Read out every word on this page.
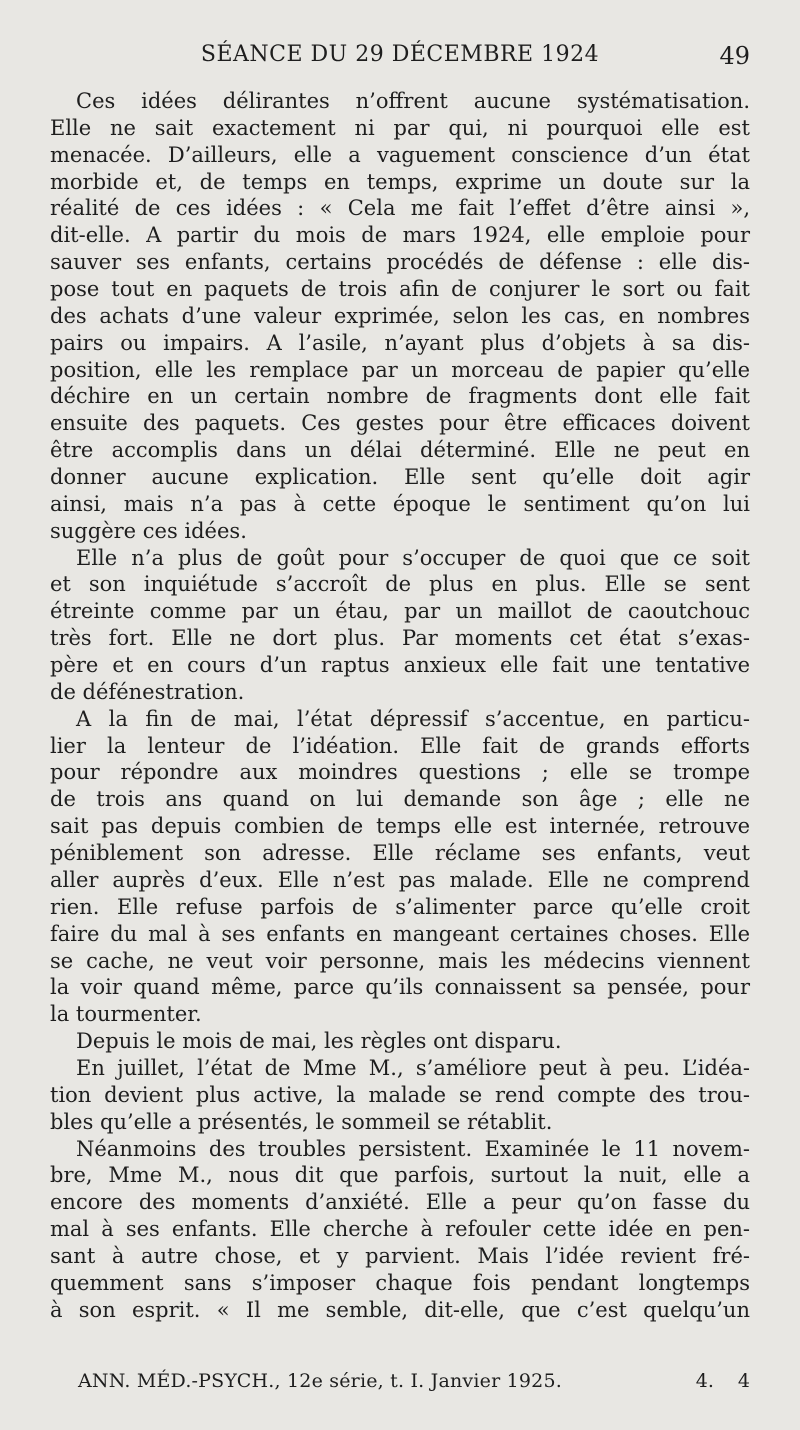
SÉANCE DU 29 DÉCEMBRE 1924	49
Ces idées délirantes n’offrent aucune systématisation.
Elle ne sait exactement ni par qui, ni pourquoi elle est
menacée. D’ailleurs, elle a vaguement conscience d’un état
morbide et, de temps en temps, exprime un doute sur la
réalité de ces idées : « Cela me fait l’effet d’être ainsi »,
dit-elle. A partir du mois de mars 1924, elle emploie pour
sauver ses enfants, certains procédés de défense : elle dis-
pose tout en paquets de trois afin de conjurer le sort ou fait
des achats d’une valeur exprimée, selon les cas, en nombres
pairs ou impairs. A l’asile, n’ayant plus d’objets à sa dis-
position, elle les remplace par un morceau de papier qu’elle
déchire en un certain nombre de fragments dont elle fait
ensuite des paquets. Ces gestes pour être efficaces doivent
être accomplis dans un délai déterminé. Elle ne peut en
donner aucune explication. Elle sent qu’elle doit agir
ainsi, mais n’a pas à cette époque le sentiment qu’on lui
suggère ces idées.
Elle n’a plus de goût pour s’occuper de quoi que ce soit
et son inquiétude s’accroît de plus en plus. Elle se sent
étreinte comme par un étau, par un maillot de caoutchouc
très fort. Elle ne dort plus. Par moments cet état s’exas-
père et en cours d’un raptus anxieux elle fait une tentative
de défénestration.
A la fin de mai, l’état dépressif s’accentue, en particu-
lier la lenteur de l’idéation. Elle fait de grands efforts
pour répondre aux moindres questions ; elle se trompe
de trois ans quand on lui demande son âge ; elle ne
sait pas depuis combien de temps elle est internée, retrouve
péniblement son adresse. Elle réclame ses enfants, veut
aller auprès d’eux. Elle n’est pas malade. Elle ne comprend
rien. Elle refuse parfois de s’alimenter parce qu’elle croit
faire du mal à ses enfants en mangeant certaines choses. Elle
se cache, ne veut voir personne, mais les médecins viennent
la voir quand même, parce qu’ils connaissent sa pensée, pour
la tourmenter.
Depuis le mois de mai, les règles ont disparu.
En juillet, l’état de Mme M., s’améliore peut à peu. L’idéa-
tion devient plus active, la malade se rend compte des trou-
bles qu’elle a présentés, le sommeil se rétablit.
Néanmoins des troubles persistent. Examinée le 11 novem-
bre, Mme M., nous dit que parfois, surtout la nuit, elle a
encore des moments d’anxiété. Elle a peur qu’on fasse du
mal à ses enfants. Elle cherche à refouler cette idée en pen-
sant à autre chose, et y parvient. Mais l’idée revient fré-
quemment sans s’imposer chaque fois pendant longtemps
à son esprit. « Il me semble, dit-elle, que c’est quelqu’un
ANN. MÉD.-PSYCH., 12e série, t. I. Janvier 1925.	4. 4
